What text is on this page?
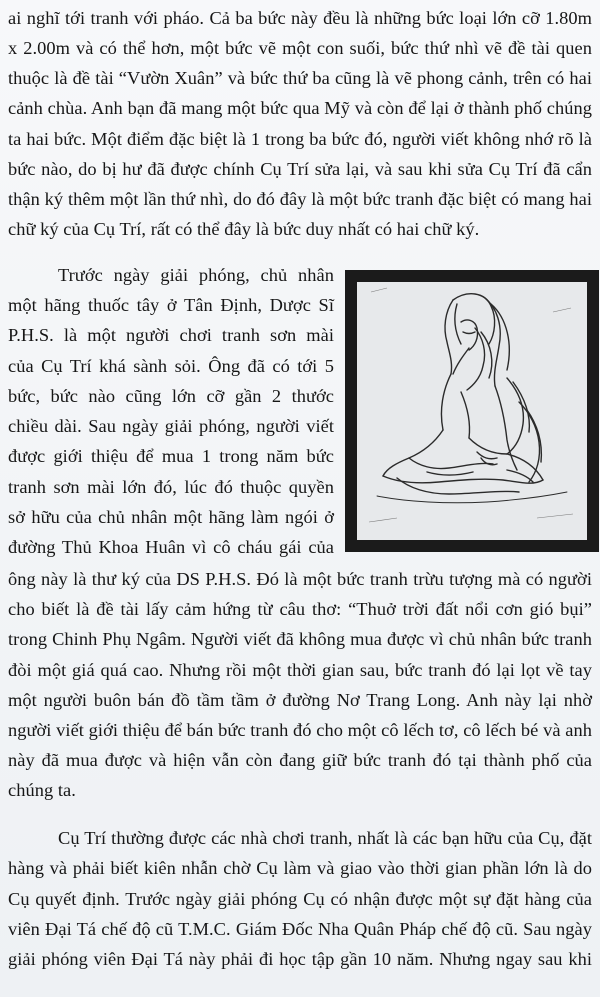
ai nghĩ tới tranh với pháo. Cả ba bức này đều là những bức loại lớn cỡ 1.80m
x 2.00m và có thể hơn, một bức vẽ một con suối, bức thứ nhì vẽ đề tài quen
thuộc là đề tài “Vườn Xuân” và bức thứ ba cũng là vẽ phong cảnh, trên có hai
cảnh chùa. Anh bạn đã mang một bức qua Mỹ và còn để lại ở thành phố chúng
ta hai bức. Một điểm đặc biệt là 1 trong ba bức đó, người viết không nhớ rõ là
bức nào, do bị hư đã được chính Cụ Trí sửa lại, và sau khi sửa Cụ Trí đã cẩn
thận ký thêm một lần thứ nhì, do đó đây là một bức tranh đặc biệt có mang hai
chữ ký của Cụ Trí, rất có thể đây là bức duy nhất có hai chữ ký.
Trước ngày giải phóng, chủ nhân
một hãng thuốc tây ở Tân Định, Dược Sĩ
P.H.S. là một người chơi tranh sơn mài
của Cụ Trí khá sành sỏi. Ông đã có tới 5
bức, bức nào cũng lớn cỡ gần 2 thước
chiều dài. Sau ngày giải phóng, người viết
được giới thiệu để mua 1 trong năm bức
tranh sơn mài lớn đó, lúc đó thuộc quyền
sở hữu của chủ nhân một hãng làm ngói ở
đường Thủ Khoa Huân vì cô cháu gái của
ông này là thư ký của DS P.H.S. Đó là một bức tranh trừu tượng mà có người
cho biết là đề tài lấy cảm hứng từ câu thơ: “Thuở trời đất nổi cơn gió bụi”
trong Chinh Phụ Ngâm. Người viết đã không mua được vì chủ nhân bức tranh
đòi một giá quá cao. Nhưng rồi một thời gian sau, bức tranh đó lại lọt về tay
một người buôn bán đồ tầm tầm ở đường Nơ Trang Long. Anh này lại nhờ
người viết giới thiệu để bán bức tranh đó cho một cô lếch tơ, cô lếch bé và anh
này đã mua được và hiện vẫn còn đang giữ bức tranh đó tại thành phố của
chúng ta.
Cụ Trí thường được các nhà chơi tranh, nhất là các bạn hữu của Cụ, đặt
hàng và phải biết kiên nhẫn chờ Cụ làm và giao vào thời gian phần lớn là do
Cụ quyết định. Trước ngày giải phóng Cụ có nhận được một sự đặt hàng của
viên Đại Tá chế độ cũ T.M.C. Giám Đốc Nha Quân Pháp chế độ cũ. Sau ngày
giải phóng viên Đại Tá này phải đi học tập gần 10 năm. Nhưng ngay sau khi
